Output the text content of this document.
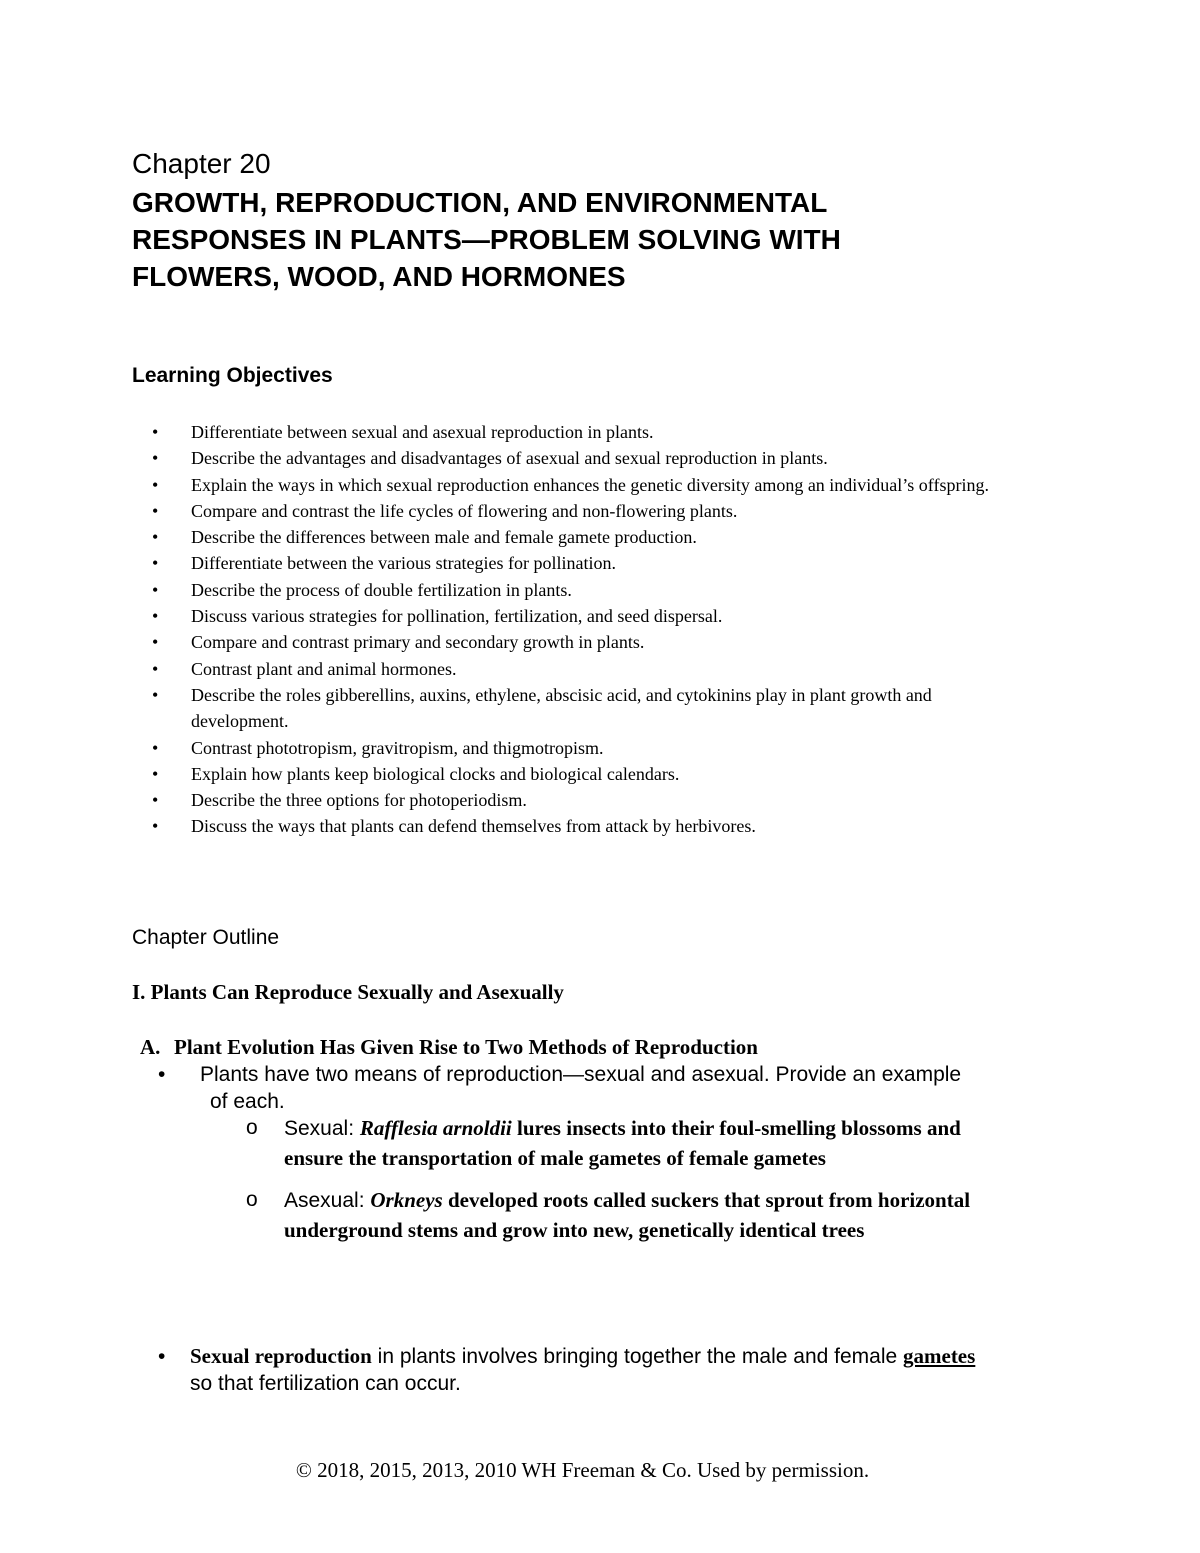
Chapter 20
GROWTH, REPRODUCTION, AND ENVIRONMENTAL RESPONSES IN PLANTS—PROBLEM SOLVING WITH FLOWERS, WOOD, AND HORMONES
Learning Objectives
•	Differentiate between sexual and asexual reproduction in plants.
•	Describe the advantages and disadvantages of asexual and sexual reproduction in plants.
•	Explain the ways in which sexual reproduction enhances the genetic diversity among an individual’s offspring.
•	Compare and contrast the life cycles of flowering and non-flowering plants.
•	Describe the differences between male and female gamete production.
•	Differentiate between the various strategies for pollination.
•	Describe the process of double fertilization in plants.
•	Discuss various strategies for pollination, fertilization, and seed dispersal.
•	Compare and contrast primary and secondary growth in plants.
•	Contrast plant and animal hormones.
•	Describe the roles gibberellins, auxins, ethylene, abscisic acid, and cytokinins play in plant growth and development.
•	Contrast phototropism, gravitropism, and thigmotropism.
•	Explain how plants keep biological clocks and biological calendars.
•	Describe the three options for photoperiodism.
•	Discuss the ways that plants can defend themselves from attack by herbivores.
Chapter Outline
I. Plants Can Reproduce Sexually and Asexually
A. Plant Evolution Has Given Rise to Two Methods of Reproduction
•	Plants have two means of reproduction—sexual and asexual. Provide an example
of each.
o	Sexual: Rafflesia arnoldii lures insects into their foul-smelling blossoms and ensure the transportation of male gametes of female gametes
o	Asexual: Orkneys developed roots called suckers that sprout from horizontal underground stems and grow into new, genetically identical trees
•	Sexual reproduction in plants involves bringing together the male and female gametes so that fertilization can occur.
© 2018, 2015, 2013, 2010 WH Freeman & Co. Used by permission.
